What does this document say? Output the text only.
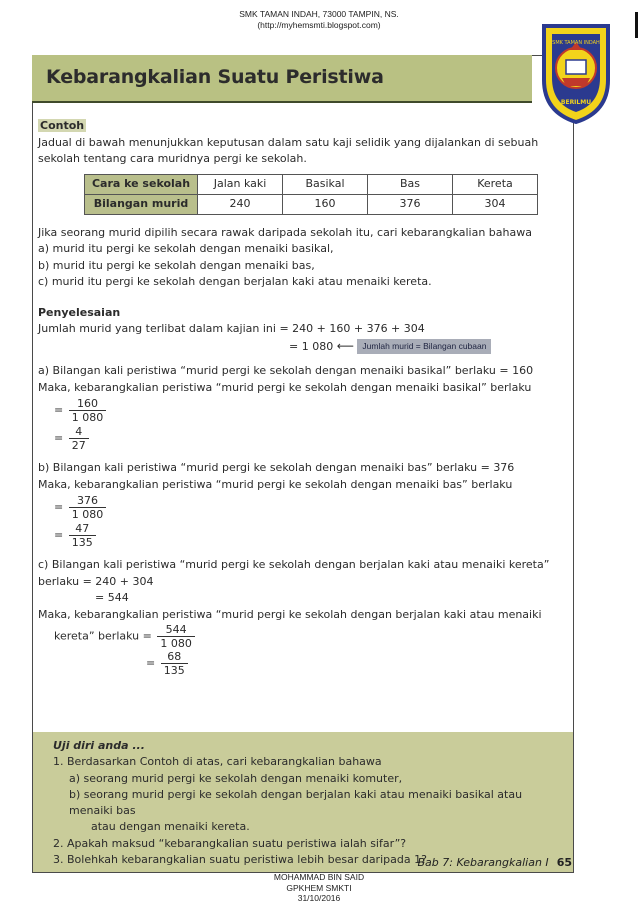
SMK TAMAN INDAH, 73000 TAMPIN, NS.
(http://myhemsmti.blogspot.com)
Kebarangkalian Suatu Peristiwa
SMK TAMAN INDAH
BERILMU

Contoh

Jadual di bawah menunjukkan keputusan dalam satu kaji selidik yang dijalankan di sebuah sekolah tentang cara muridnya pergi ke sekolah.

Cara ke sekolah	Jalan kaki	Basikal	Bas	Kereta
Bilangan murid	240	160	376	304

Jika seorang murid dipilih secara rawak daripada sekolah itu, cari kebarangkalian bahawa

a) murid itu pergi ke sekolah dengan menaiki basikal,

b) murid itu pergi ke sekolah dengan menaiki bas,

c) murid itu pergi ke sekolah dengan berjalan kaki atau menaiki kereta.

Penyelesaian

Jumlah murid yang terlibat dalam kajian ini = 240 + 160 + 376 + 304

= 1 080 ⟵ Jumlah murid = Bilangan cubaan

a) Bilangan kali peristiwa “murid pergi ke sekolah dengan menaiki basikal” berlaku = 160

Maka, kebarangkalian peristiwa “murid pergi ke sekolah dengan menaiki basikal” berlaku

= $\frac{160}{1 080}$
= $\frac{4}{27}$

b) Bilangan kali peristiwa “murid pergi ke sekolah dengan menaiki bas” berlaku = 376

Maka, kebarangkalian peristiwa “murid pergi ke sekolah dengan menaiki bas” berlaku

= $\frac{376}{1 080}$
= $\frac{47}{135}$

c) Bilangan kali peristiwa “murid pergi ke sekolah dengan berjalan kaki atau menaiki kereta”

berlaku = 240 + 304

= 544

Maka, kebarangkalian peristiwa “murid pergi ke sekolah dengan berjalan kaki atau menaiki

kereta” berlaku = $\frac{544}{1 080}$
= $\frac{68}{135}$

Uji diri anda ...

1. Berdasarkan Contoh di atas, cari kebarangkalian bahawa

a) seorang murid pergi ke sekolah dengan menaiki komuter,

b) seorang murid pergi ke sekolah dengan berjalan kaki atau menaiki basikal atau menaiki bas

atau dengan menaiki kereta.

2. Apakah maksud “kebarangkalian suatu peristiwa ialah sifar”?

3. Bolehkah kebarangkalian suatu peristiwa lebih besar daripada 1?

Bab 7: Kebarangkalian I 65
MOHAMMAD BIN SAID
GPKHEM SMKTI
31/10/2016
